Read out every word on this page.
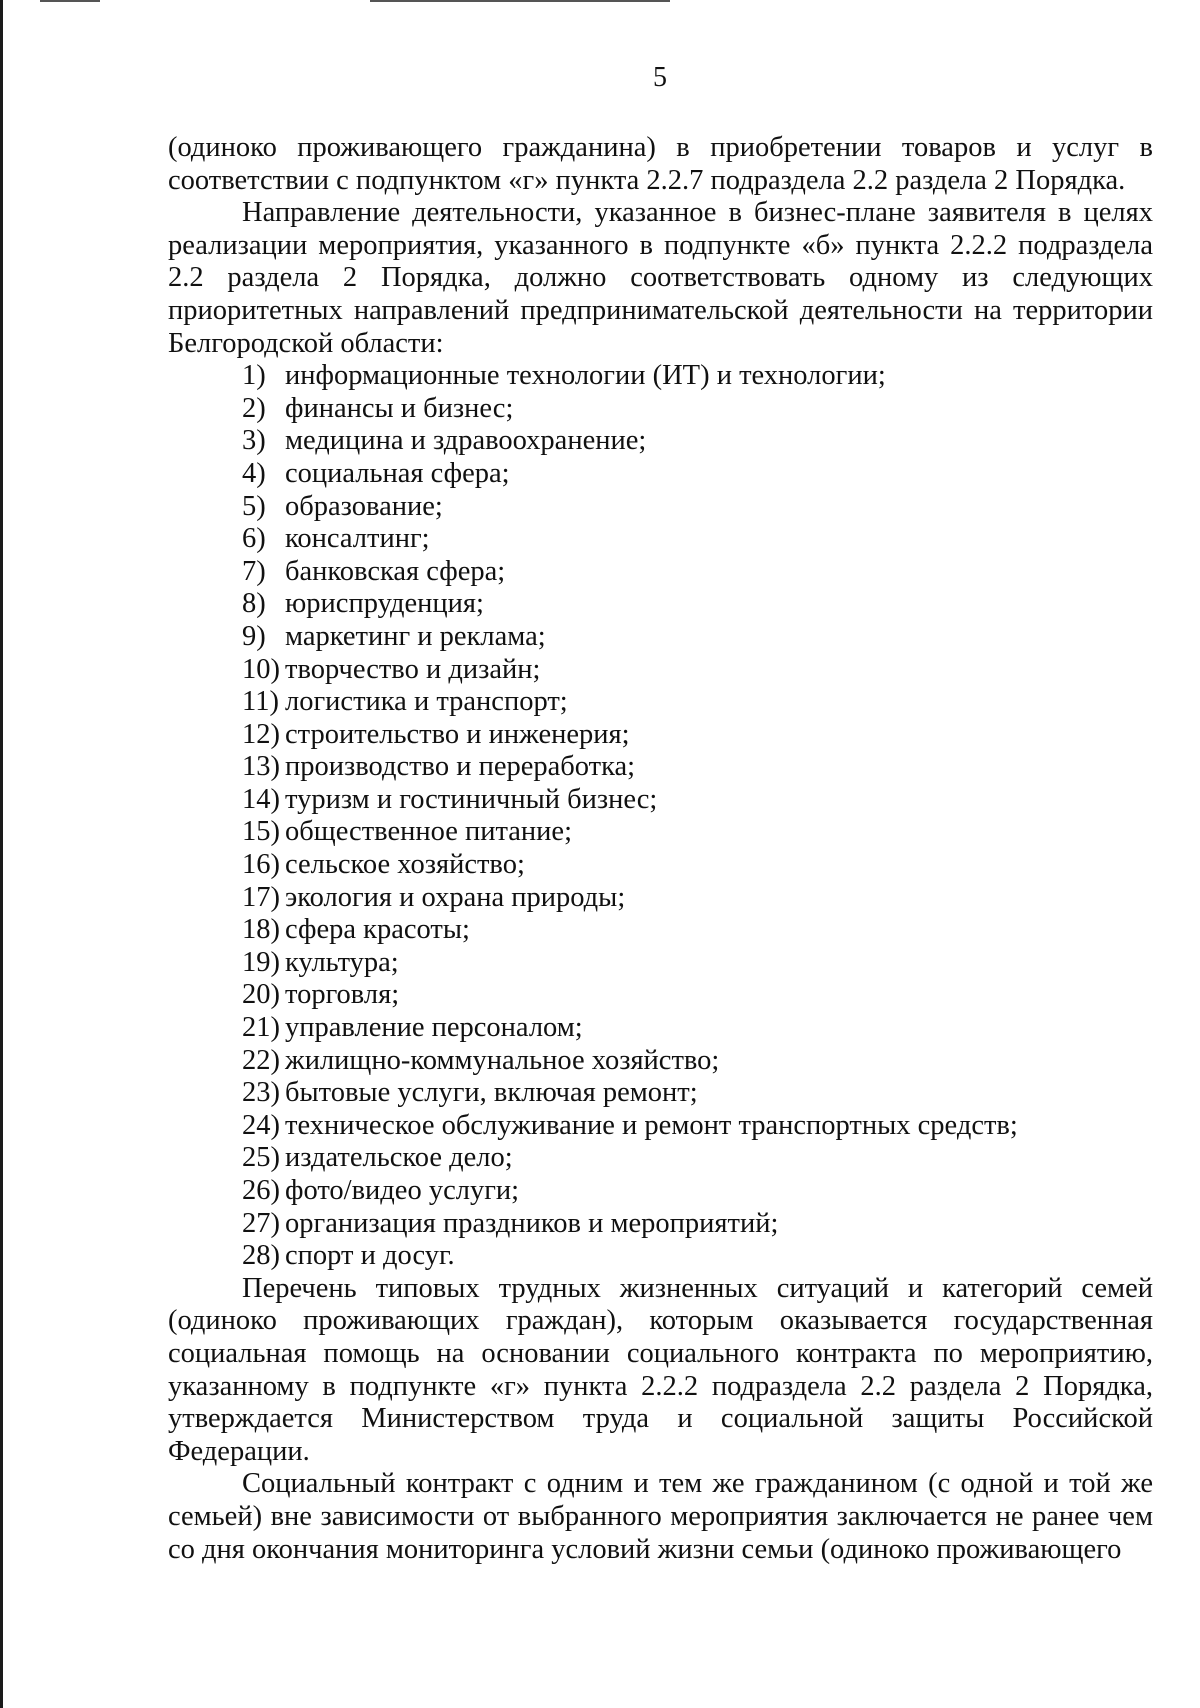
5

(одиноко проживающего гражданина) в приобретении товаров и услуг в соответствии с подпунктом «г» пункта 2.2.7 подраздела 2.2 раздела 2 Порядка.

Направление деятельности, указанное в бизнес-плане заявителя в целях реализации мероприятия, указанного в подпункте «б» пункта 2.2.2 подраздела 2.2 раздела 2 Порядка, должно соответствовать одному из следующих приоритетных направлений предпринимательской деятельности на территории Белгородской области:

1) информационные технологии (ИТ) и технологии;
2) финансы и бизнес;
3) медицина и здравоохранение;
4) социальная сфера;
5) образование;
6) консалтинг;
7) банковская сфера;
8) юриспруденция;
9) маркетинг и реклама;
10) творчество и дизайн;
11) логистика и транспорт;
12) строительство и инженерия;
13) производство и переработка;
14) туризм и гостиничный бизнес;
15) общественное питание;
16) сельское хозяйство;
17) экология и охрана природы;
18) сфера красоты;
19) культура;
20) торговля;
21) управление персоналом;
22) жилищно-коммунальное хозяйство;
23) бытовые услуги, включая ремонт;
24) техническое обслуживание и ремонт транспортных средств;
25) издательское дело;
26) фото/видео услуги;
27) организация праздников и мероприятий;
28) спорт и досуг.

Перечень типовых трудных жизненных ситуаций и категорий семей (одиноко проживающих граждан), которым оказывается государственная социальная помощь на основании социального контракта по мероприятию, указанному в подпункте «г» пункта 2.2.2 подраздела 2.2 раздела 2 Порядка, утверждается Министерством труда и социальной защиты Российской Федерации.

Социальный контракт с одним и тем же гражданином (с одной и той же семьей) вне зависимости от выбранного мероприятия заключается не ранее чем со дня окончания мониторинга условий жизни семьи (одиноко проживающего
